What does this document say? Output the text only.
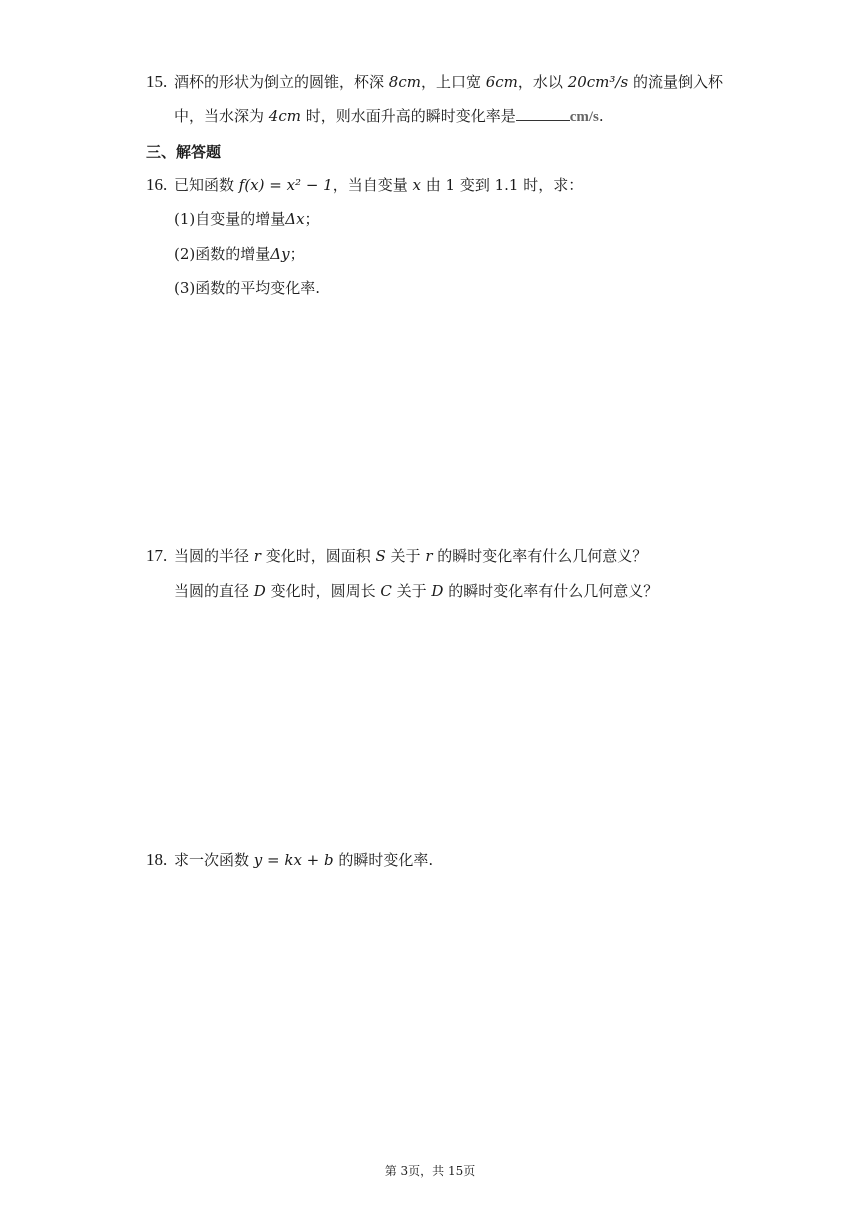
15. 酒杯的形状为倒立的圆锥，杯深 8cm，上口宽 6cm，水以 20cm³/s 的流量倒入杯
中，当水深为 4cm 时，则水面升高的瞬时变化率是	cm/s.
三、解答题
16. 已知函数 f(x) = x² − 1，当自变量 x 由 1 变到 1.1 时，求：
(1)自变量的增量Δx；
(2)函数的增量Δy；
(3)函数的平均变化率.
17. 当圆的半径 r 变化时，圆面积 S 关于 r 的瞬时变化率有什么几何意义？
当圆的直径 D 变化时，圆周长 C 关于 D 的瞬时变化率有什么几何意义？
18. 求一次函数 y = kx + b 的瞬时变化率.
第 3页，共 15页
